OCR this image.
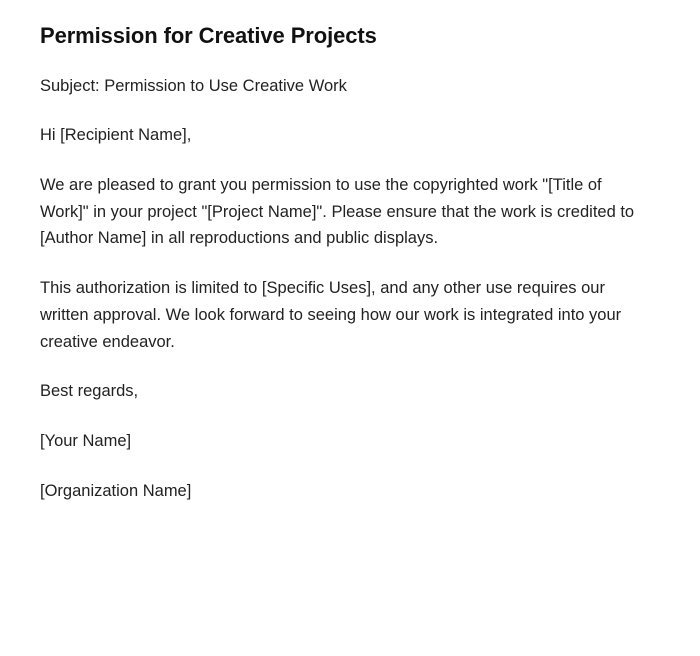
Permission for Creative Projects

Subject: Permission to Use Creative Work

Hi [Recipient Name],

We are pleased to grant you permission to use the copyrighted work "[Title of Work]" in your project "[Project Name]". Please ensure that the work is credited to [Author Name] in all reproductions and public displays.

This authorization is limited to [Specific Uses], and any other use requires our written approval. We look forward to seeing how our work is integrated into your creative endeavor.

Best regards,

[Your Name]

[Organization Name]
